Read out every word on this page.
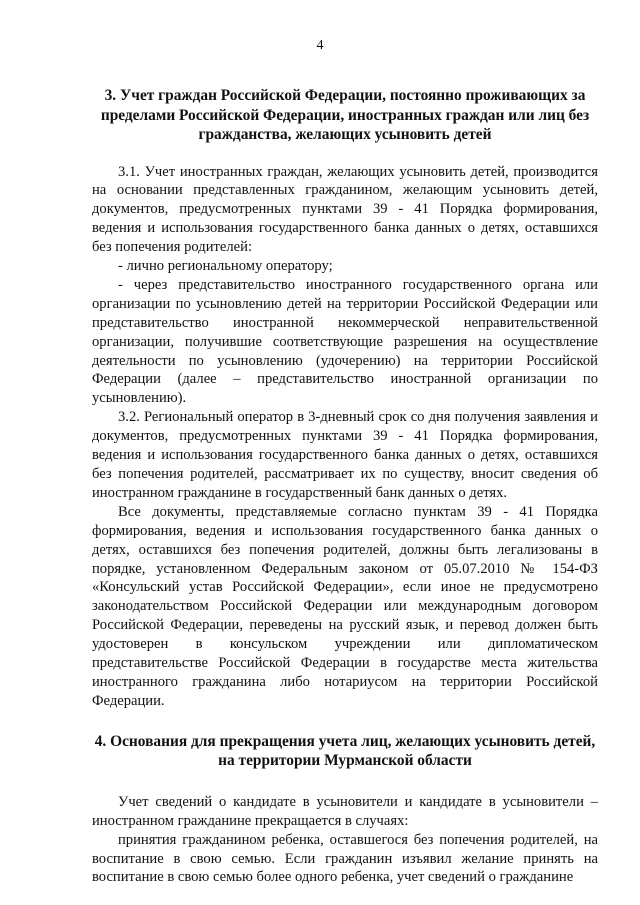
4
3. Учет граждан Российской Федерации, постоянно проживающих за
пределами Российской Федерации, иностранных граждан или лиц без
гражданства, желающих усыновить детей

3.1. Учет иностранных граждан, желающих усыновить детей, производится на основании представленных гражданином, желающим усыновить детей, документов, предусмотренных пунктами 39 - 41 Порядка формирования, ведения и использования государственного банка данных о детях, оставшихся без попечения родителей:

- лично региональному оператору;

- через представительство иностранного государственного органа или организации по усыновлению детей на территории Российской Федерации или представительство иностранной некоммерческой неправительственной организации, получившие соответствующие разрешения на осуществление деятельности по усыновлению (удочерению) на территории Российской Федерации (далее – представительство иностранной организации по усыновлению).

3.2. Региональный оператор в 3-дневный срок со дня получения заявления и документов, предусмотренных пунктами 39 - 41 Порядка формирования, ведения и использования государственного банка данных о детях, оставшихся без попечения родителей, рассматривает их по существу, вносит сведения об иностранном гражданине в государственный банк данных о детях.

Все документы, представляемые согласно пунктам 39 - 41 Порядка формирования, ведения и использования государственного банка данных о детях, оставшихся без попечения родителей, должны быть легализованы в порядке, установленном Федеральным законом от 05.07.2010 № 154-ФЗ «Консульский устав Российской Федерации», если иное не предусмотрено законодательством Российской Федерации или международным договором Российской Федерации, переведены на русский язык, и перевод должен быть удостоверен в консульском учреждении или дипломатическом представительстве Российской Федерации в государстве места жительства иностранного гражданина либо нотариусом на территории Российской Федерации.

4. Основания для прекращения учета лиц, желающих усыновить детей,
на территории Мурманской области

Учет сведений о кандидате в усыновители и кандидате в усыновители – иностранном гражданине прекращается в случаях:

принятия гражданином ребенка, оставшегося без попечения родителей, на воспитание в свою семью. Если гражданин изъявил желание принять на воспитание в свою семью более одного ребенка, учет сведений о гражданине
